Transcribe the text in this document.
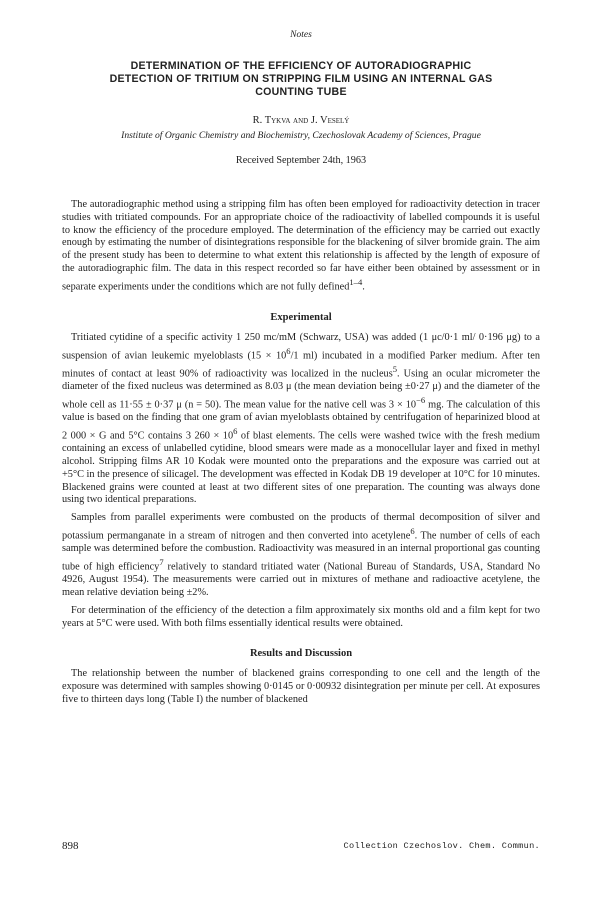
Notes

DETERMINATION OF THE EFFICIENCY OF AUTORADIOGRAPHIC

DETECTION OF TRITIUM ON STRIPPING FILM USING AN INTERNAL GAS

COUNTING TUBE

R. Tykva and J. Veselý

Institute of Organic Chemistry and Biochemistry, Czechoslovak Academy of Sciences, Prague

Received September 24th, 1963

The autoradiographic method using a stripping film has often been employed for radioactivity detection in tracer studies with tritiated compounds. For an appropriate choice of the radioactivity of labelled compounds it is useful to know the efficiency of the procedure employed. The determination of the efficiency may be carried out exactly enough by estimating the number of disintegrations responsible for the blackening of silver bromide grain. The aim of the present study has been to determine to what extent this relationship is affected by the length of exposure of the autoradiographic film. The data in this respect recorded so far have either been obtained by assessment or in separate experiments under the conditions which are not fully defined$^{1-4}$.

Experimental

Tritiated cytidine of a specific activity 1 250 mc/mM (Schwarz, USA) was added (1 μc/0·1 ml/ 0·196 μg) to a suspension of avian leukemic myeloblasts ($15 \times 10^6/1$ ml) incubated in a modified Parker medium. After ten minutes of contact at least 90% of radioactivity was localized in the nucleus$^5$. Using an ocular micrometer the diameter of the fixed nucleus was determined as 8.03 μ (the mean deviation being ±0·27 μ) and the diameter of the whole cell as 11·55 ± 0·37 μ (n = 50). The mean value for the native cell was $3 \times 10^{-6}$ mg. The calculation of this value is based on the finding that one gram of avian myeloblasts obtained by centrifugation of heparinized blood at 2 000 × G and 5°C contains 3 $260 \times 10^6$ of blast elements. The cells were washed twice with the fresh medium containing an excess of unlabelled cytidine, blood smears were made as a monocellular layer and fixed in methyl alcohol. Stripping films AR 10 Kodak were mounted onto the preparations and the exposure was carried out at +5°C in the presence of silicagel. The development was effected in Kodak DB 19 developer at 10°C for 10 minutes. Blackened grains were counted at least at two different sites of one preparation. The counting was always done using two identical preparations.

Samples from parallel experiments were combusted on the products of thermal decomposition of silver and potassium permanganate in a stream of nitrogen and then converted into acetylene$^6$. The number of cells of each sample was determined before the combustion. Radioactivity was measured in an internal proportional gas counting tube of high efficiency$^7$ relatively to standard tritiated water (National Bureau of Standards, USA, Standard No 4926, August 1954). The measurements were carried out in mixtures of methane and radioactive acetylene, the mean relative deviation being ±2%.

For determination of the efficiency of the detection a film approximately six months old and a film kept for two years at 5°C were used. With both films essentially identical results were obtained.

Results and Discussion

The relationship between the number of blackened grains corresponding to one cell and the length of the exposure was determined with samples showing 0·0145 or 0·00932 disintegration per minute per cell. At exposures five to thirteen days long (Table I) the number of blackened

898	Collection Czechoslov. Chem. Commun.
